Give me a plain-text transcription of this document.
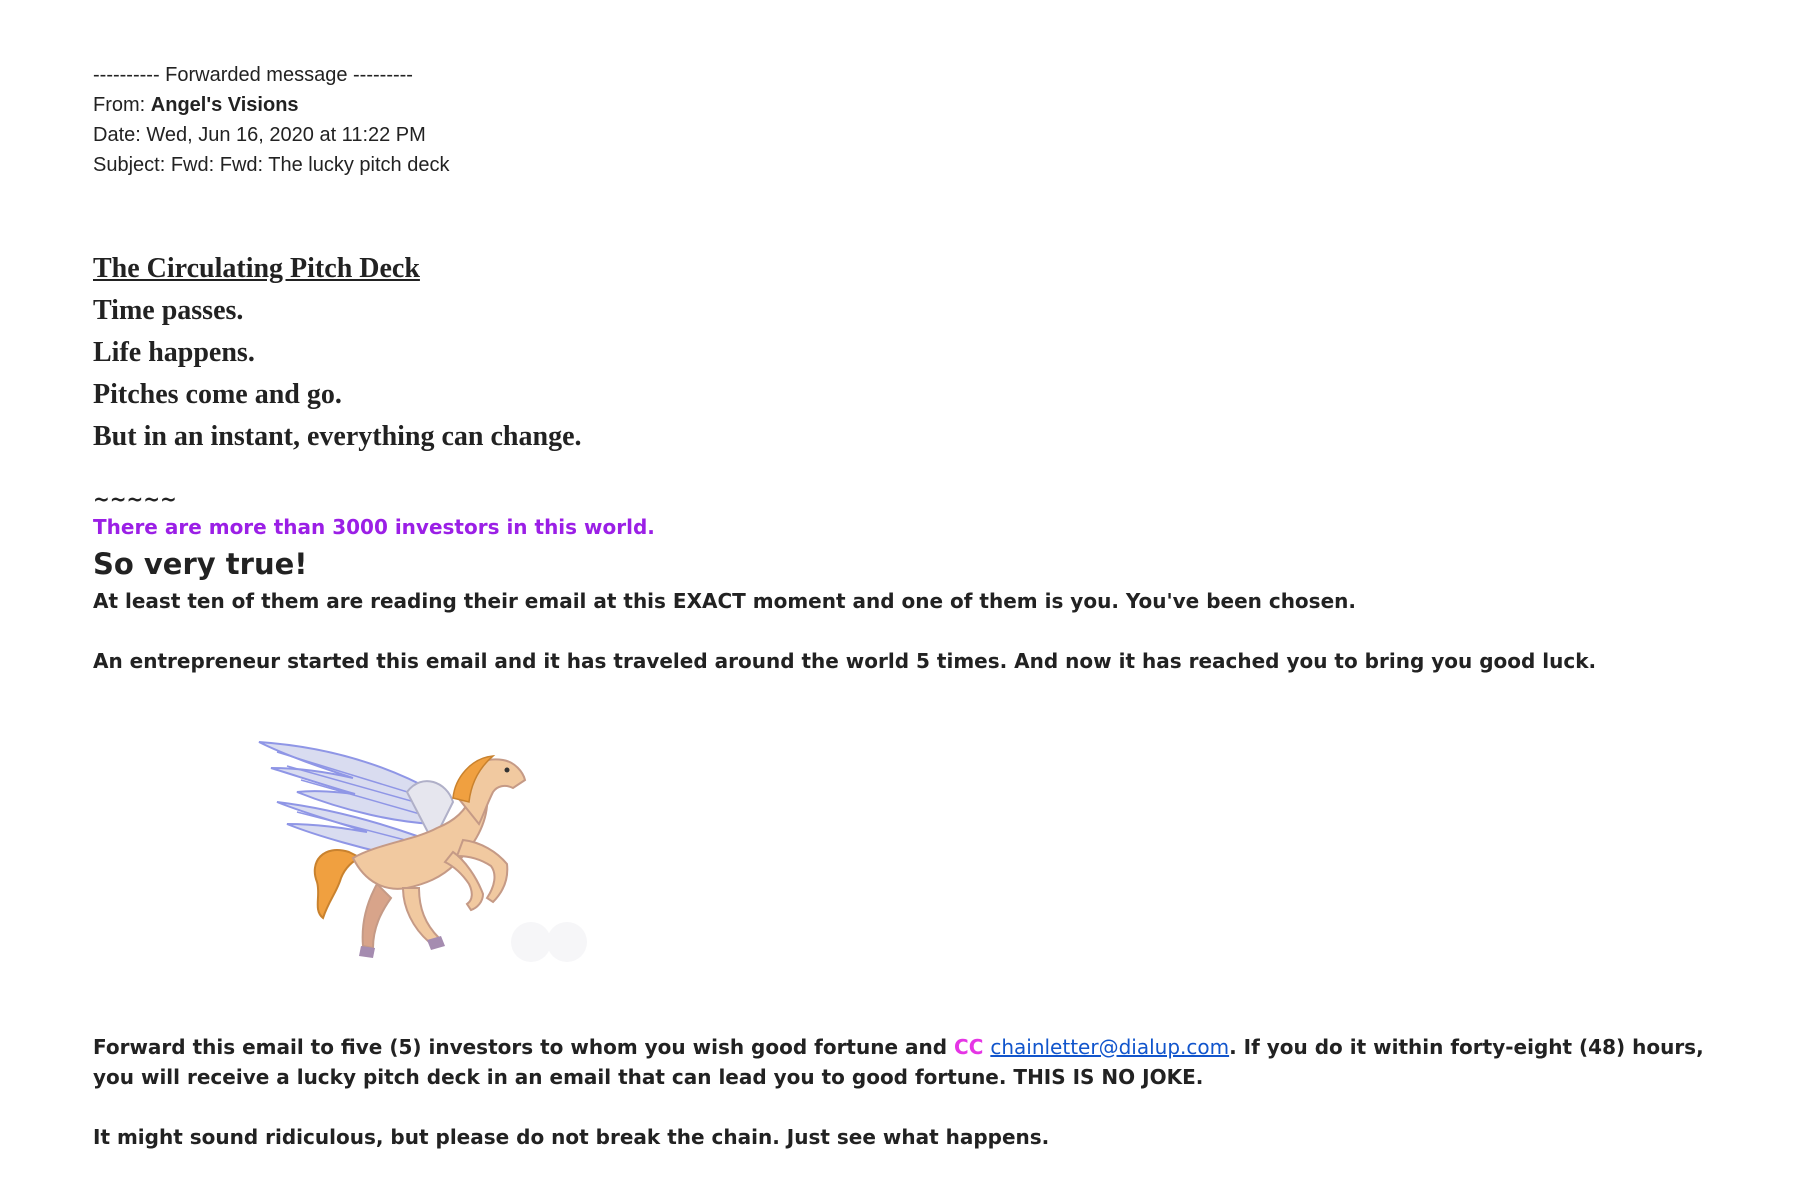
---------- Forwarded message ---------
From: Angel's Visions
Date: Wed, Jun 16, 2020 at 11:22 PM
Subject: Fwd: Fwd: The lucky pitch deck
The Circulating Pitch Deck
Time passes.
Life happens.
Pitches come and go.
But in an instant, everything can change.
~~~~~
There are more than 3000 investors in this world.
So very true!

At least ten of them are reading their email at this EXACT moment and one of them is you. You've been chosen.

An entrepreneur started this email and it has traveled around the world 5 times. And now it has reached you to bring you good luck.

Forward this email to five (5) investors to whom you wish good fortune and CC chainletter@dialup.com. If you do it within forty-eight (48) hours, you will receive a lucky pitch deck in an email that can lead you to good fortune. THIS IS NO JOKE.

It might sound ridiculous, but please do not break the chain. Just see what happens.
